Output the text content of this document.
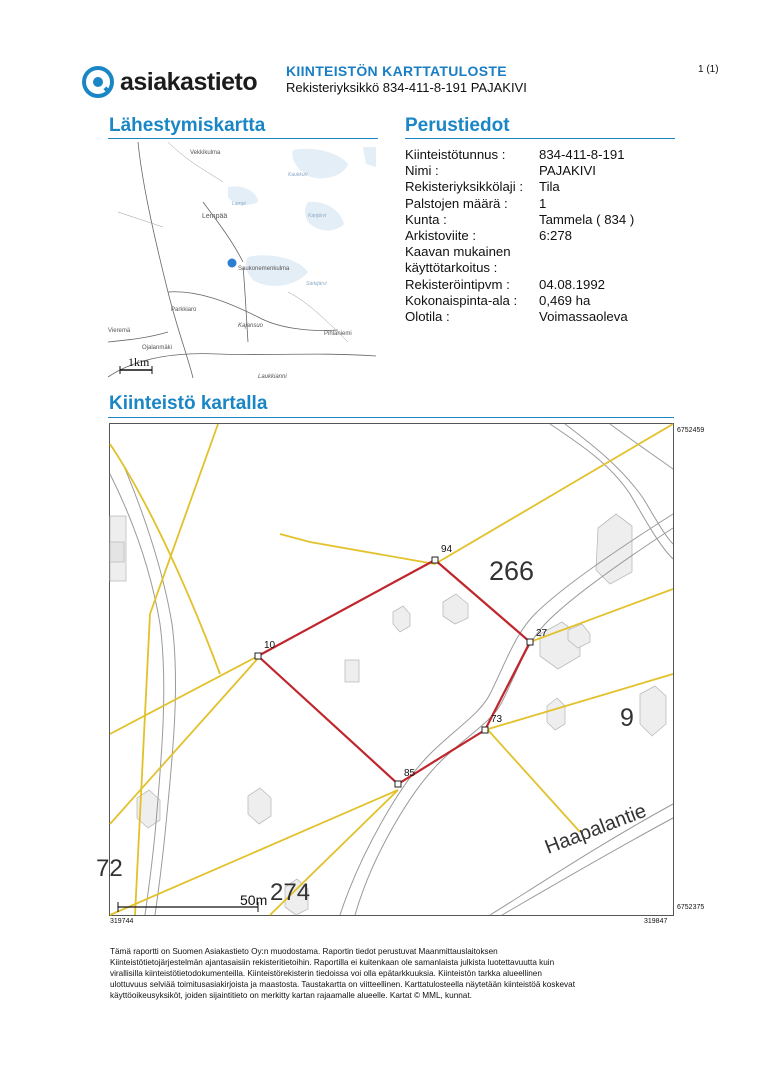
asiakastieto KIINTEISTÖN KARTTATULOSTE
Rekisteriyksikkö 834-411-8-191 PAJAKIVI
1 (1)
Lähestymiskartta	Perustiedot
Kiinteistö kartalla
Kiinteistötunnus :	834-411-8-191
Nimi :	PAJAKIVI
Rekisteriyksikkölaji :	Tila
Palstojen määrä :	1
Kunta :	Tammela ( 834 )
Arkistoviite :	6:278
Kaavan mukainen
käyttötarkoitus :
Rekisteröintipvm :	04.08.1992
Kokonaispinta-ala :	0,469 ha
Olotila :	Voimassaoleva
Vekkikulma
Lempää
Saukonemenkulma
Parkkiaro
Kajansuo
Vieremä
Ojalanmäki
Pihlaniemi
Kaukkuri
Lampi
Kanjärvi
Särkijärvi
Laukkianni
1km
94
10
27
73
85
266
9
274
72
Haapalantie
50m
6752459
6752375
319744	319847
Tämä raportti on Suomen Asiakastieto Oy:n muodostama. Raportin tiedot perustuvat Maanmittauslaitoksen
Kiinteistötietojärjestelmän ajantasaisiin rekisteritietoihin. Raportilla ei kuitenkaan ole samanlaista julkista luotettavuutta kuin
virallisilla kiinteistötietodokumenteilla. Kiinteistörekisterin tiedoissa voi olla epätarkkuuksia. Kiinteistön tarkka alueellinen
ulottuvuus selviää toimitusasiakirjoista ja maastosta. Taustakartta on viitteellinen. Karttatulosteella näytetään kiinteistöä koskevat
käyttöoikeusyksiköt, joiden sijaintitieto on merkitty kartan rajaamalle alueelle. Kartat © MML, kunnat.
